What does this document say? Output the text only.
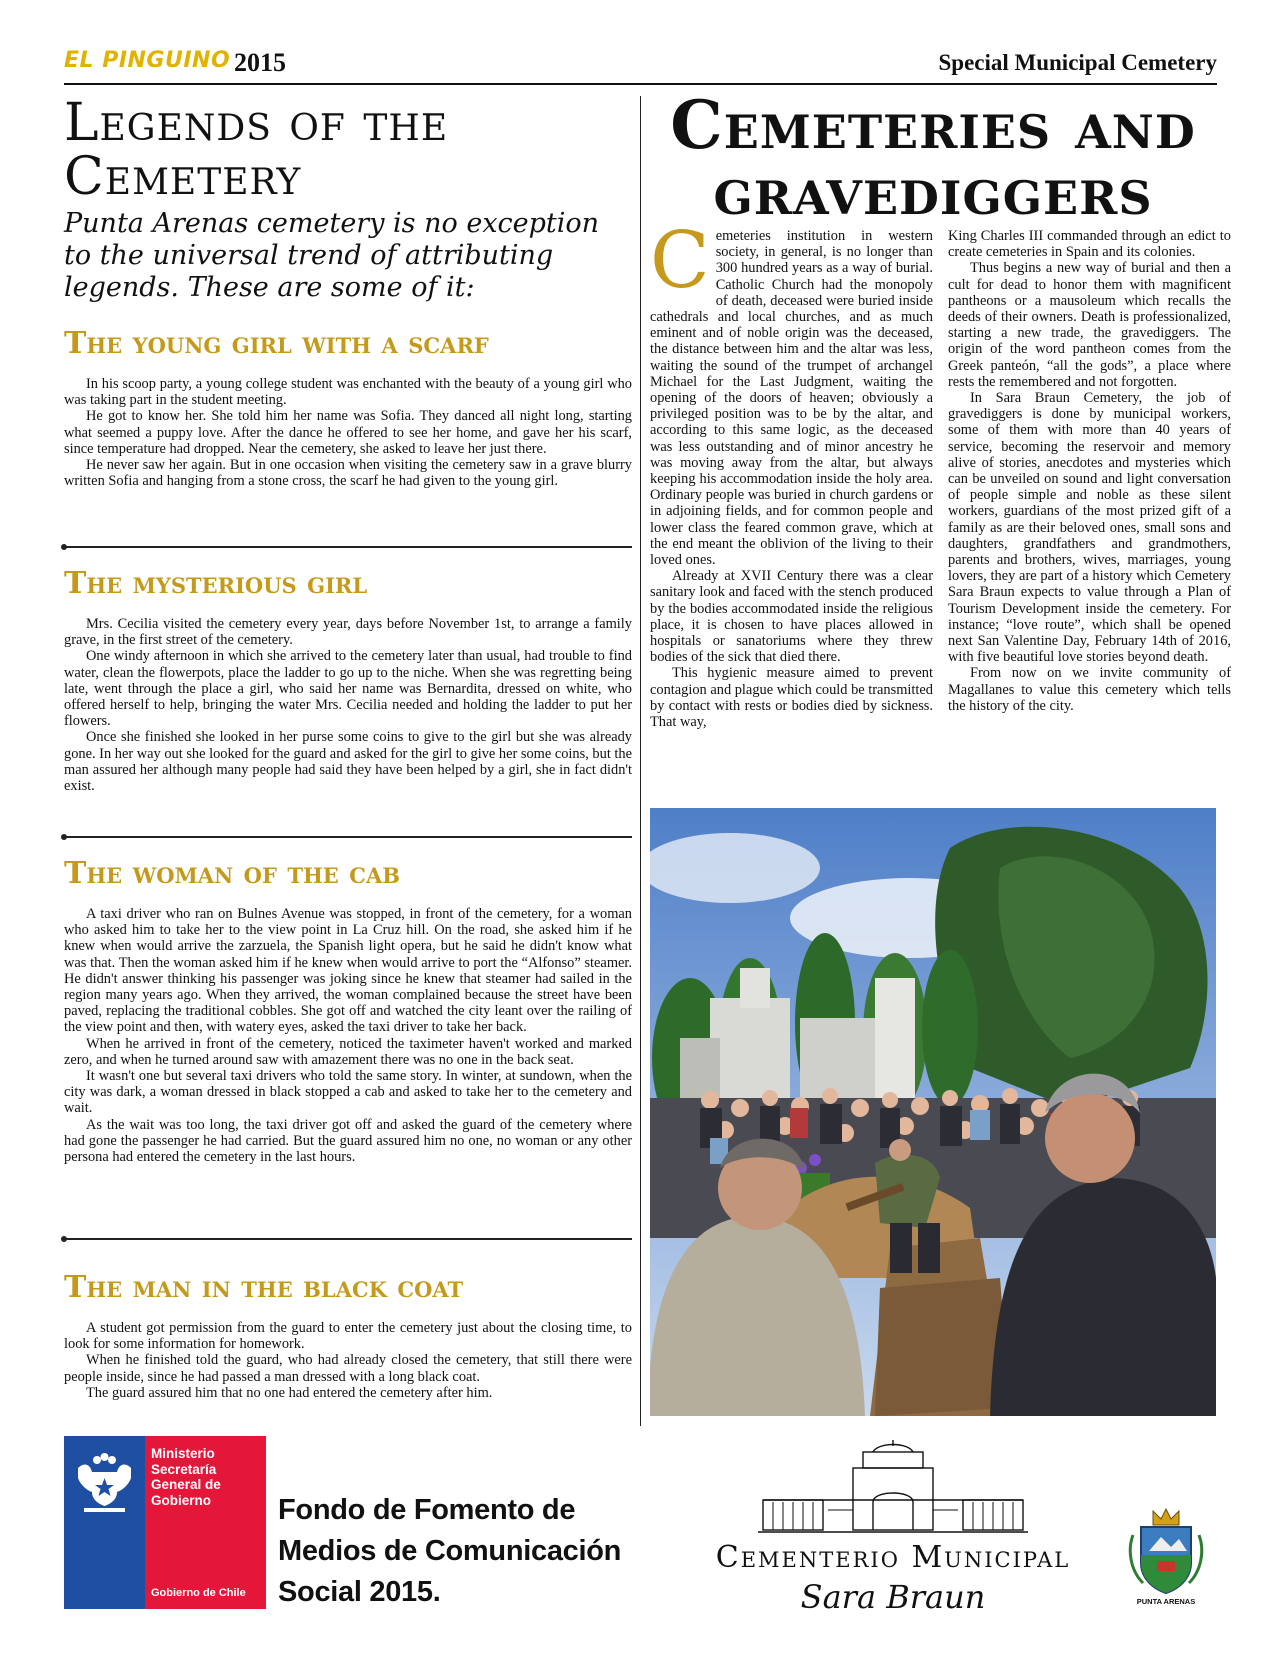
EL PINGUINO 2015	Special Municipal Cemetery
Legends of the
Cemetery

Punta Arenas cemetery is no exception to the universal trend of attributing legends. These are some of it:

The young girl with a scarf

In his scoop party, a young college student was enchanted with the beauty of a young girl who was taking part in the student meeting.

He got to know her. She told him her name was Sofia. They danced all night long, starting what seemed a puppy love. After the dance he offered to see her home, and gave her his scarf, since temperature had dropped. Near the cemetery, she asked to leave her just there.

He never saw her again. But in one occasion when visiting the cemetery saw in a grave blurry written Sofia and hanging from a stone cross, the scarf he had given to the young girl.

The mysterious girl

Mrs. Cecilia visited the cemetery every year, days before November 1st, to arrange a family grave, in the first street of the cemetery.

One windy afternoon in which she arrived to the cemetery later than usual, had trouble to find water, clean the flowerpots, place the ladder to go up to the niche. When she was regretting being late, went through the place a girl, who said her name was Bernardita, dressed on white, who offered herself to help, bringing the water Mrs. Cecilia needed and holding the ladder to put her flowers.

Once she finished she looked in her purse some coins to give to the girl but she was already gone. In her way out she looked for the guard and asked for the girl to give her some coins, but the man assured her although many people had said they have been helped by a girl, she in fact didn't exist.

The woman of the cab

A taxi driver who ran on Bulnes Avenue was stopped, in front of the cemetery, for a woman who asked him to take her to the view point in La Cruz hill. On the road, she asked him if he knew when would arrive the zarzuela, the Spanish light opera, but he said he didn't know what was that. Then the woman asked him if he knew when would arrive to port the “Alfonso” steamer. He didn't answer thinking his passenger was joking since he knew that steamer had sailed in the region many years ago. When they arrived, the woman complained because the street have been paved, replacing the traditional cobbles. She got off and watched the city leant over the railing of the view point and then, with watery eyes, asked the taxi driver to take her back.

When he arrived in front of the cemetery, noticed the taximeter haven't worked and marked zero, and when he turned around saw with amazement there was no one in the back seat.

It wasn't one but several taxi drivers who told the same story. In winter, at sundown, when the city was dark, a woman dressed in black stopped a cab and asked to take her to the cemetery and wait.

As the wait was too long, the taxi driver got off and asked the guard of the cemetery where had gone the passenger he had carried. But the guard assured him no one, no woman or any other persona had entered the cemetery in the last hours.

The man in the black coat

A student got permission from the guard to enter the cemetery just about the closing time, to look for some information for homework.

When he finished told the guard, who had already closed the cemetery, that still there were people inside, since he had passed a man dressed with a long black coat.

The guard assured him that no one had entered the cemetery after him.

Cemeteries and
gravediggers

Cemeteries institution in western society, in general, is no longer than 300 hundred years as a way of burial. Catholic Church had the monopoly of death, deceased were buried inside cathedrals and local churches, and as much eminent and of noble origin was the deceased, the distance between him and the altar was less, waiting the sound of the trumpet of archangel Michael for the Last Judgment, waiting the opening of the doors of heaven; obviously a privileged position was to be by the altar, and according to this same logic, as the deceased was less outstanding and of minor ancestry he was moving away from the altar, but always keeping his accommodation inside the holy area. Ordinary people was buried in church gardens or in adjoining fields, and for common people and lower class the feared common grave, which at the end meant the oblivion of the living to their loved ones.

Already at XVII Century there was a clear sanitary look and faced with the stench produced by the bodies accommodated inside the religious place, it is chosen to have places allowed in hospitals or sanatoriums where they threw bodies of the sick that died there.

This hygienic measure aimed to prevent contagion and plague which could be transmitted by contact with rests or bodies died by sickness. That way,

King Charles III commanded through an edict to create cemeteries in Spain and its colonies.

Thus begins a new way of burial and then a cult for dead to honor them with magnificent pantheons or a mausoleum which recalls the deeds of their owners. Death is professionalized, starting a new trade, the gravediggers. The origin of the word pantheon comes from the Greek panteón, “all the gods”, a place where rests the remembered and not forgotten.

In Sara Braun Cemetery, the job of gravediggers is done by municipal workers, some of them with more than 40 years of service, becoming the reservoir and memory alive of stories, anecdotes and mysteries which can be unveiled on sound and light conversation of people simple and noble as these silent workers, guardians of the most prized gift of a family as are their beloved ones, small sons and daughters, grandfathers and grandmothers, parents and brothers, wives, marriages, young lovers, they are part of a history which Cemetery Sara Braun expects to value through a Plan of Tourism Development inside the cemetery. For instance; “love route”, which shall be opened next San Valentine Day, February 14th of 2016, with five beautiful love stories beyond death.

From now on we invite community of Magallanes to value this cemetery which tells the history of the city.

Ministerio
Secretaría
General de
Gobierno
Gobierno de Chile
Fondo de Fomento de
Medios de Comunicación
Social 2015.
Cementerio Municipal
Sara Braun	PUNTA ARENAS
